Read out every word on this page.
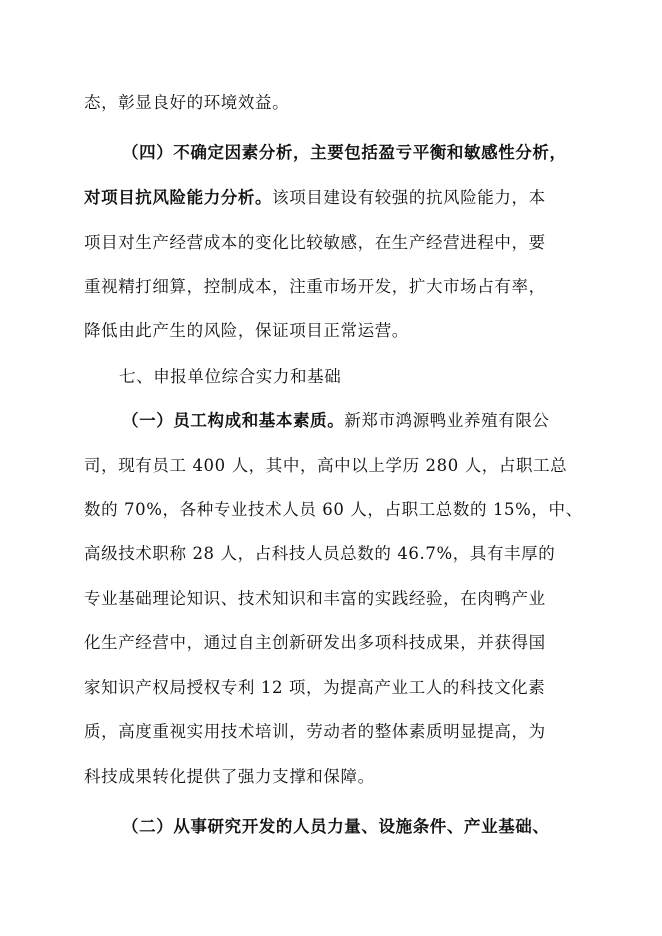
态，彰显良好的环境效益。
（四）不确定因素分析，主要包括盈亏平衡和敏感性分析，
对项目抗风险能力分析。该项目建设有较强的抗风险能力，本
项目对生产经营成本的变化比较敏感，在生产经营进程中，要
重视精打细算，控制成本，注重市场开发，扩大市场占有率，
降低由此产生的风险，保证项目正常运营。
七、申报单位综合实力和基础
（一）员工构成和基本素质。新郑市鸿源鸭业养殖有限公
司，现有员工 400 人，其中，高中以上学历 280 人，占职工总
数的 70%，各种专业技术人员 60 人，占职工总数的 15%，中、
高级技术职称 28 人，占科技人员总数的 46.7%，具有丰厚的
专业基础理论知识、技术知识和丰富的实践经验，在肉鸭产业
化生产经营中，通过自主创新研发出多项科技成果，并获得国
家知识产权局授权专利 12 项，为提高产业工人的科技文化素
质，高度重视实用技术培训，劳动者的整体素质明显提高，为
科技成果转化提供了强力支撑和保障。
（二）从事研究开发的人员力量、设施条件、产业基础、
